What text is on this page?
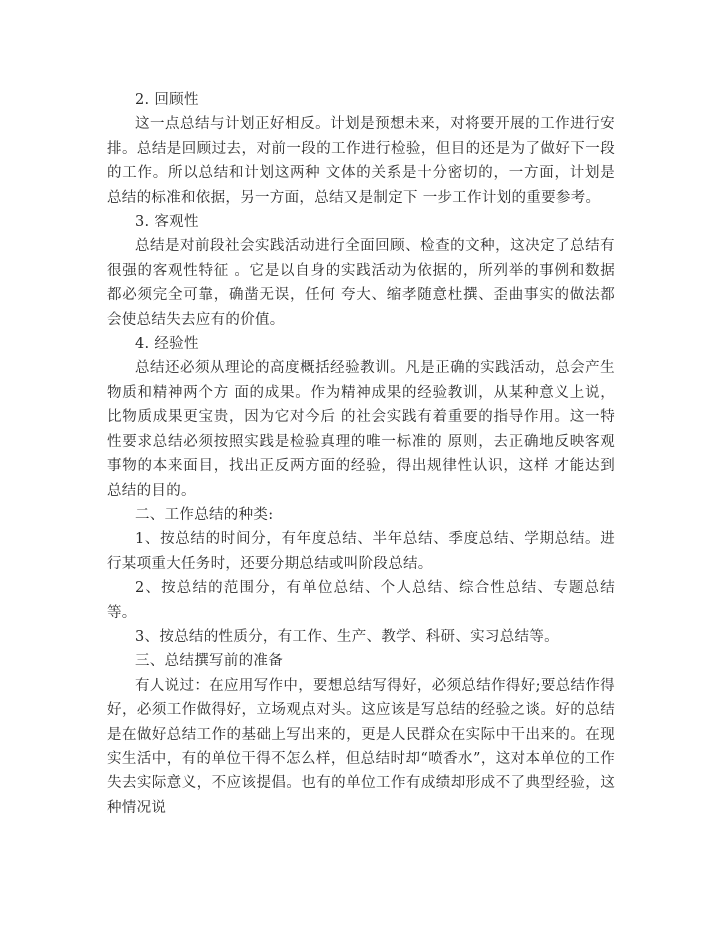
2. 回顾性

这一点总结与计划正好相反。计划是预想未来，对将要开展的工作进行安排。总结是回顾过去，对前一段的工作进行检验，但目的还是为了做好下一段的工作。所以总结和计划这两种 文体的关系是十分密切的，一方面，计划是总结的标准和依据，另一方面，总结又是制定下 一步工作计划的重要参考。

3. 客观性

总结是对前段社会实践活动进行全面回顾、检查的文种，这决定了总结有很强的客观性特征 。它是以自身的实践活动为依据的，所列举的事例和数据都必须完全可靠，确凿无误，任何 夸大、缩孝随意杜撰、歪曲事实的做法都会使总结失去应有的价值。

4. 经验性

总结还必须从理论的高度概括经验教训。凡是正确的实践活动，总会产生物质和精神两个方 面的成果。作为精神成果的经验教训，从某种意义上说，比物质成果更宝贵，因为它对今后 的社会实践有着重要的指导作用。这一特性要求总结必须按照实践是检验真理的唯一标准的 原则，去正确地反映客观事物的本来面目，找出正反两方面的经验，得出规律性认识，这样 才能达到总结的目的。

二、工作总结的种类:

1、按总结的时间分，有年度总结、半年总结、季度总结、学期总结。进行某项重大任务时，还要分期总结或叫阶段总结。

2、按总结的范围分，有单位总结、个人总结、综合性总结、专题总结等。

3、按总结的性质分，有工作、生产、教学、科研、实习总结等。

三、总结撰写前的准备

有人说过：在应用写作中，要想总结写得好，必须总结作得好;要总结作得好，必须工作做得好，立场观点对头。这应该是写总结的经验之谈。好的总结是在做好总结工作的基础上写出来的，更是人民群众在实际中干出来的。在现实生活中，有的单位干得不怎么样，但总结时却“喷香水”，这对本单位的工作失去实际意义，不应该提倡。也有的单位工作有成绩却形成不了典型经验，这种情况说
